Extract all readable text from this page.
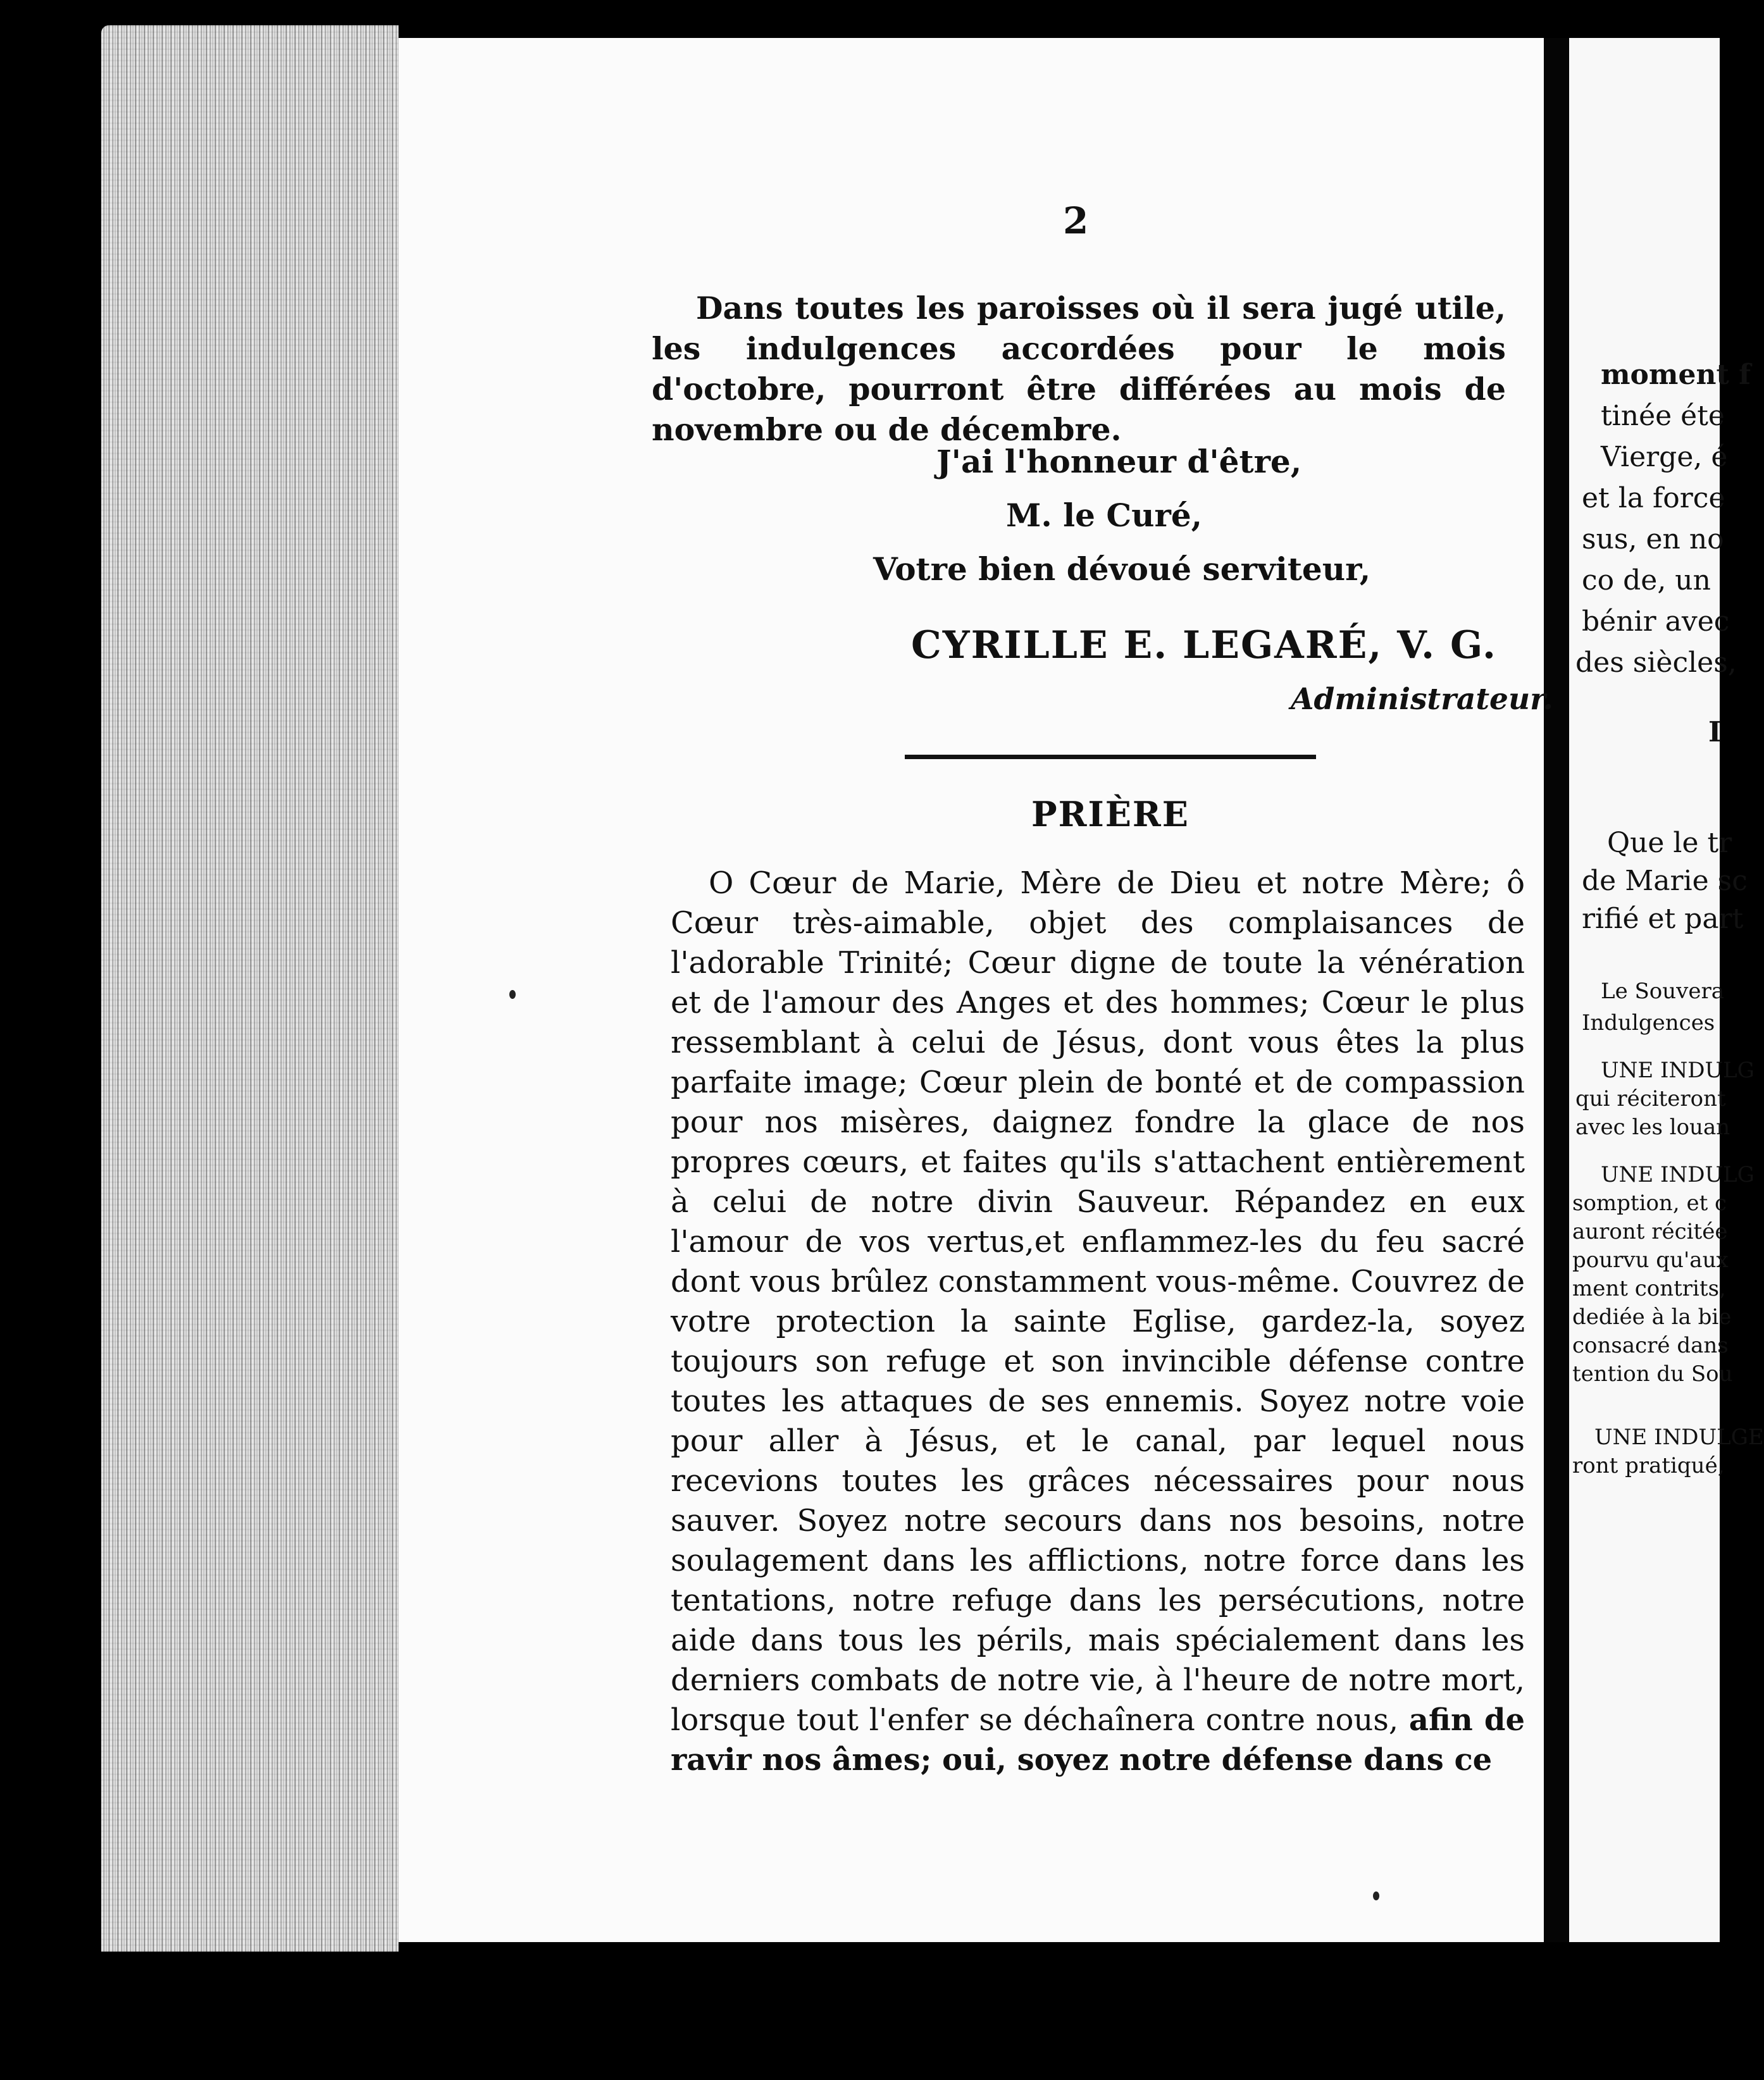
2
Dans toutes les paroisses où il sera jugé utile, les indulgences accordées pour le mois d'octobre, pourront être différées au mois de novembre ou de décembre.
J'ai l'honneur d'être,
M. le Curé,
Votre bien dévoué serviteur,
CYRILLE E. LEGARÉ, V. G.
Administrateur.
PRIÈRE
O Cœur de Marie, Mère de Dieu et notre Mère; ô Cœur très-aimable, objet des complaisances de l'adorable Trinité; Cœur digne de toute la vénération et de l'amour des Anges et des hommes; Cœur le plus ressemblant à celui de Jésus, dont vous êtes la plus parfaite image; Cœur plein de bonté et de compassion pour nos misères, daignez fondre la glace de nos propres cœurs, et faites qu'ils s'attachent entièrement à celui de notre divin Sauveur. Répandez en eux l'amour de vos vertus,et enflammez-les du feu sacré dont vous brûlez constamment vous-même. Couvrez de votre protection la sainte Eglise, gardez-la, soyez toujours son refuge et son invincible défense contre toutes les attaques de ses ennemis. Soyez notre voie pour aller à Jésus, et le canal, par lequel nous recevions toutes les grâces nécessaires pour nous sauver. Soyez notre secours dans nos besoins, notre soulagement dans les afflictions, notre force dans les tentations, notre refuge dans les persécutions, notre aide dans tous les périls, mais spécialement dans les derniers combats de notre vie, à l'heure de notre mort, lorsque tout l'enfer se déchaînera contre nous, afin de ravir nos âmes; oui, soyez notre défense dans ce
moment f
tinée éte
Vierge, é
et la force
sus, en no
co de, un
bénir avec
des siècles,
I
Que le tr
de Marie sc
rifié et part
Le Souvera
Indulgences
UNE INDULG
qui réciteront
avec les louan
UNE INDULG
somption, et c
auront récitée
pourvu qu'aux
ment contrits,
dediée à la bie
consacré dans
tention du Sou
UNE INDULGE
ront pratiqué,
